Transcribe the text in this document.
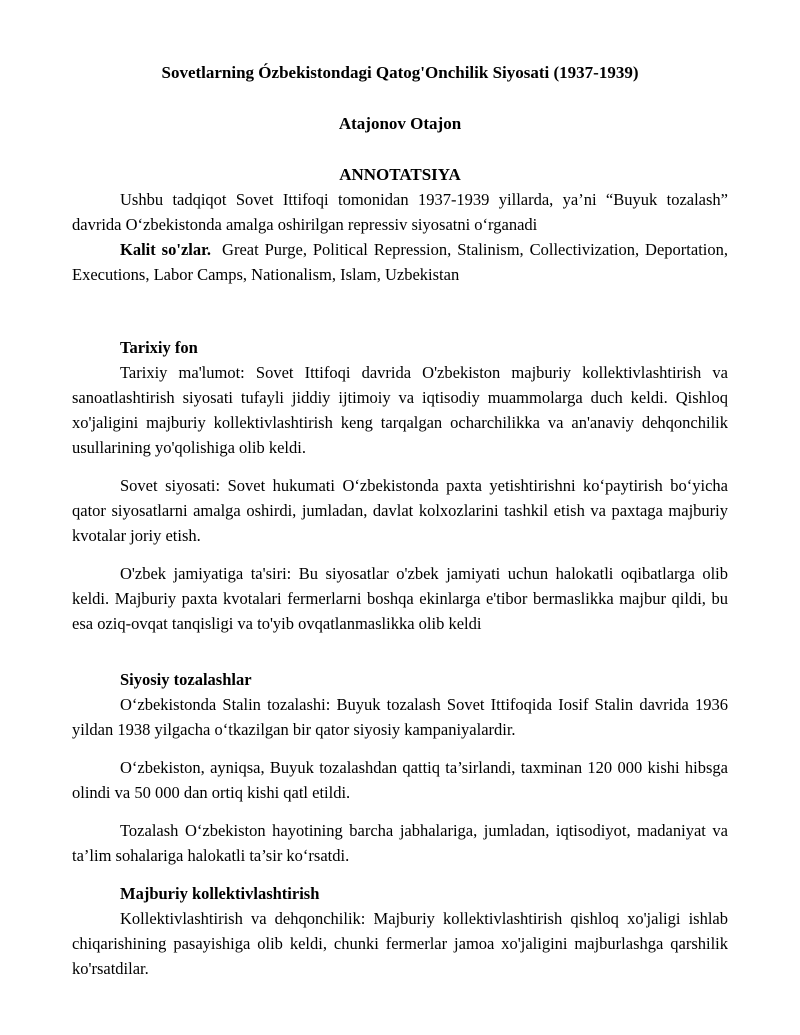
Sovetlarning Ózbekistondagi Qatog'Onchilik Siyosati (1937-1939)
Atajonov Otajon
ANNOTATSIYA

Ushbu tadqiqot Sovet Ittifoqi tomonidan 1937-1939 yillarda, ya’ni “Buyuk tozalash” davrida Oʻzbekistonda amalga oshirilgan repressiv siyosatni oʻrganadi

Kalit so'zlar. Great Purge, Political Repression, Stalinism, Collectivization, Deportation, Executions, Labor Camps, Nationalism, Islam, Uzbekistan

Tarixiy fon

Tarixiy ma'lumot: Sovet Ittifoqi davrida O'zbekiston majburiy kollektivlashtirish va sanoatlashtirish siyosati tufayli jiddiy ijtimoiy va iqtisodiy muammolarga duch keldi. Qishloq xo'jaligini majburiy kollektivlashtirish keng tarqalgan ocharchilikka va an'anaviy dehqonchilik usullarining yo'qolishiga olib keldi.

Sovet siyosati: Sovet hukumati Oʻzbekistonda paxta yetishtirishni koʻpaytirish boʻyicha qator siyosatlarni amalga oshirdi, jumladan, davlat kolxozlarini tashkil etish va paxtaga majburiy kvotalar joriy etish.

O'zbek jamiyatiga ta'siri: Bu siyosatlar o'zbek jamiyati uchun halokatli oqibatlarga olib keldi. Majburiy paxta kvotalari fermerlarni boshqa ekinlarga e'tibor bermaslikka majbur qildi, bu esa oziq-ovqat tanqisligi va to'yib ovqatlanmaslikka olib keldi

Siyosiy tozalashlar

Oʻzbekistonda Stalin tozalashi: Buyuk tozalash Sovet Ittifoqida Iosif Stalin davrida 1936 yildan 1938 yilgacha oʻtkazilgan bir qator siyosiy kampaniyalardir.

Oʻzbekiston, ayniqsa, Buyuk tozalashdan qattiq ta’sirlandi, taxminan 120 000 kishi hibsga olindi va 50 000 dan ortiq kishi qatl etildi.

Tozalash Oʻzbekiston hayotining barcha jabhalariga, jumladan, iqtisodiyot, madaniyat va ta’lim sohalariga halokatli ta’sir koʻrsatdi.

Majburiy kollektivlashtirish

Kollektivlashtirish va dehqonchilik: Majburiy kollektivlashtirish qishloq xo'jaligi ishlab chiqarishining pasayishiga olib keldi, chunki fermerlar jamoa xo'jaligini majburlashga qarshilik ko'rsatdilar.
